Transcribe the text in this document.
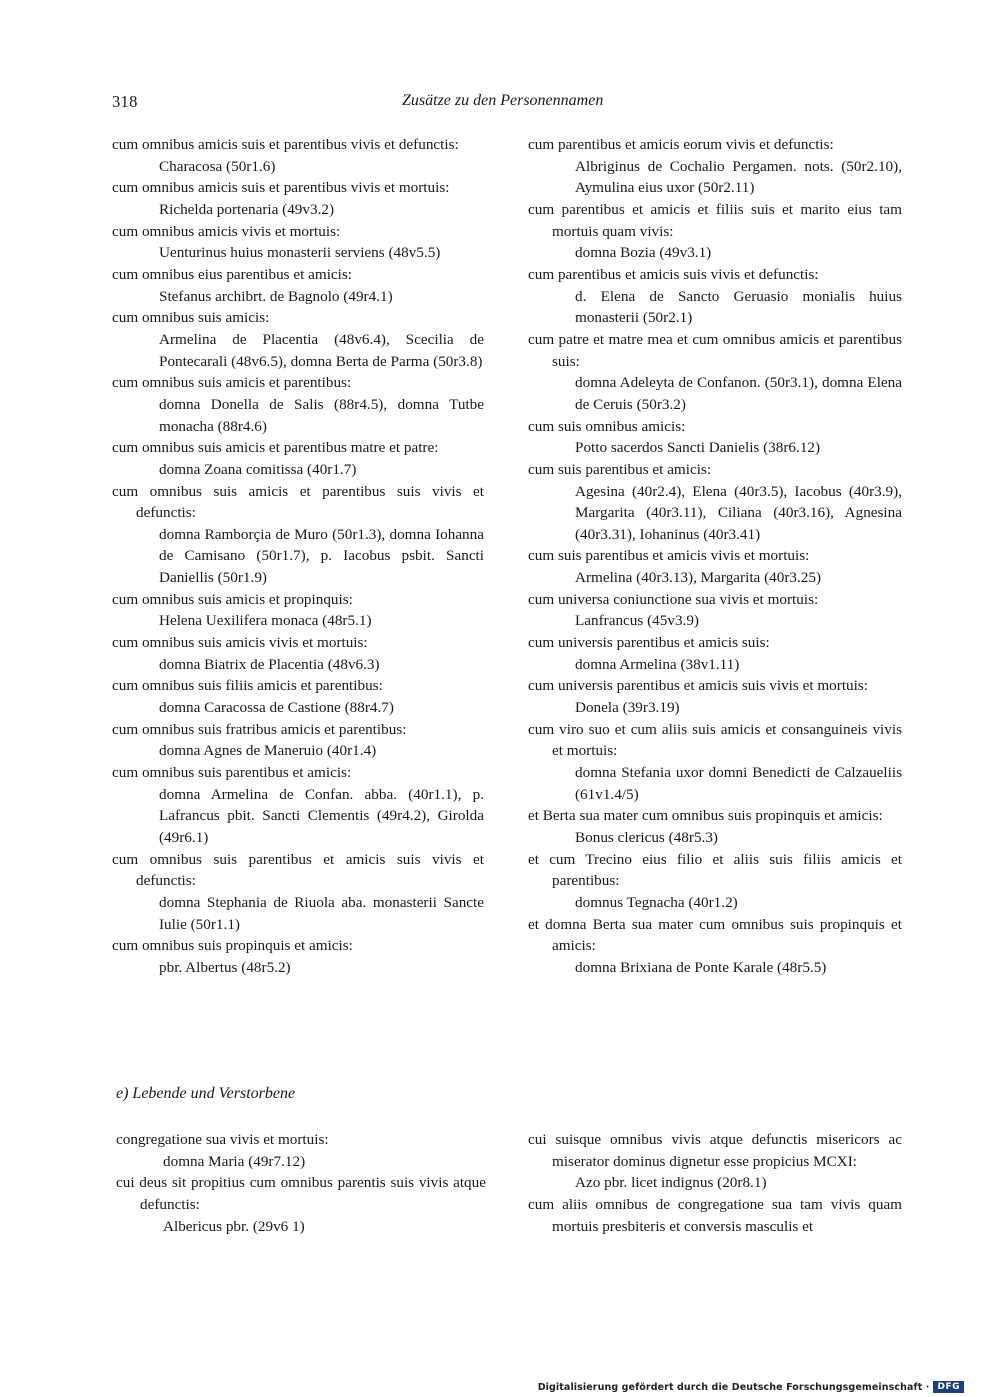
318	Zusätze zu den Personennamen

cum omnibus amicis suis et parentibus vivis et defunctis:

Characosa (50r1.6)

cum omnibus amicis suis et parentibus vivis et mortuis:

Richelda portenaria (49v3.2)

cum omnibus amicis vivis et mortuis:

Uenturinus huius monasterii serviens (48v5.5)

cum omnibus eius parentibus et amicis:

Stefanus archibrt. de Bagnolo (49r4.1)

cum omnibus suis amicis:

Armelina de Placentia (48v6.4), Scecilia de Pontecarali (48v6.5), domna Berta de Parma (50r3.8)

cum omnibus suis amicis et parentibus:

domna Donella de Salis (88r4.5), domna Tutbe monacha (88r4.6)

cum omnibus suis amicis et parentibus matre et patre:

domna Zoana comitissa (40r1.7)

cum omnibus suis amicis et parentibus suis vivis et defunctis:

domna Ramborçia de Muro (50r1.3), domna Iohanna de Camisano (50r1.7), p. Iacobus psbit. Sancti Daniellis (50r1.9)

cum omnibus suis amicis et propinquis:

Helena Uexilifera monaca (48r5.1)

cum omnibus suis amicis vivis et mortuis:

domna Biatrix de Placentia (48v6.3)

cum omnibus suis filiis amicis et parentibus:

domna Caracossa de Castione (88r4.7)

cum omnibus suis fratribus amicis et parentibus:

domna Agnes de Maneruio (40r1.4)

cum omnibus suis parentibus et amicis:

domna Armelina de Confan. abba. (40r1.1), p. Lafrancus pbit. Sancti Clementis (49r4.2), Girolda (49r6.1)

cum omnibus suis parentibus et amicis suis vivis et defunctis:

domna Stephania de Riuola aba. monasterii Sancte Iulie (50r1.1)

cum omnibus suis propinquis et amicis:

pbr. Albertus (48r5.2)

cum parentibus et amicis eorum vivis et defunctis:

Albriginus de Cochalio Pergamen. nots. (50r2.10), Aymulina eius uxor (50r2.11)

cum parentibus et amicis et filiis suis et marito eius tam mortuis quam vivis:

domna Bozia (49v3.1)

cum parentibus et amicis suis vivis et defunctis:

d. Elena de Sancto Geruasio monialis huius monasterii (50r2.1)

cum patre et matre mea et cum omnibus amicis et parentibus suis:

domna Adeleyta de Confanon. (50r3.1), domna Elena de Ceruis (50r3.2)

cum suis omnibus amicis:

Potto sacerdos Sancti Danielis (38r6.12)

cum suis parentibus et amicis:

Agesina (40r2.4), Elena (40r3.5), Iacobus (40r3.9), Margarita (40r3.11), Ciliana (40r3.16), Agnesina (40r3.31), Iohaninus (40r3.41)

cum suis parentibus et amicis vivis et mortuis:

Armelina (40r3.13), Margarita (40r3.25)

cum universa coniunctione sua vivis et mortuis:

Lanfrancus (45v3.9)

cum universis parentibus et amicis suis:

domna Armelina (38v1.11)

cum universis parentibus et amicis suis vivis et mortuis:

Donela (39r3.19)

cum viro suo et cum aliis suis amicis et consanguineis vivis et mortuis:

domna Stefania uxor domni Benedicti de Calzaueliis (61v1.4/5)

et Berta sua mater cum omnibus suis propinquis et amicis:

Bonus clericus (48r5.3)

et cum Trecino eius filio et aliis suis filiis amicis et parentibus:

domnus Tegnacha (40r1.2)

et domna Berta sua mater cum omnibus suis propinquis et amicis:

domna Brixiana de Ponte Karale (48r5.5)

e) Lebende und Verstorbene

congregatione sua vivis et mortuis:

domna Maria (49r7.12)

cui deus sit propitius cum omnibus parentis suis vivis atque defunctis:

Albericus pbr. (29v6 1)

cui suisque omnibus vivis atque defunctis misericors ac miserator dominus dignetur esse propicius MCXI:

Azo pbr. licet indignus (20r8.1)

cum aliis omnibus de congregatione sua tam vivis quam mortuis presbiteris et conversis masculis et

Digitalisierung gefördert durch die Deutsche Forschungsgemeinschaft · DFG
